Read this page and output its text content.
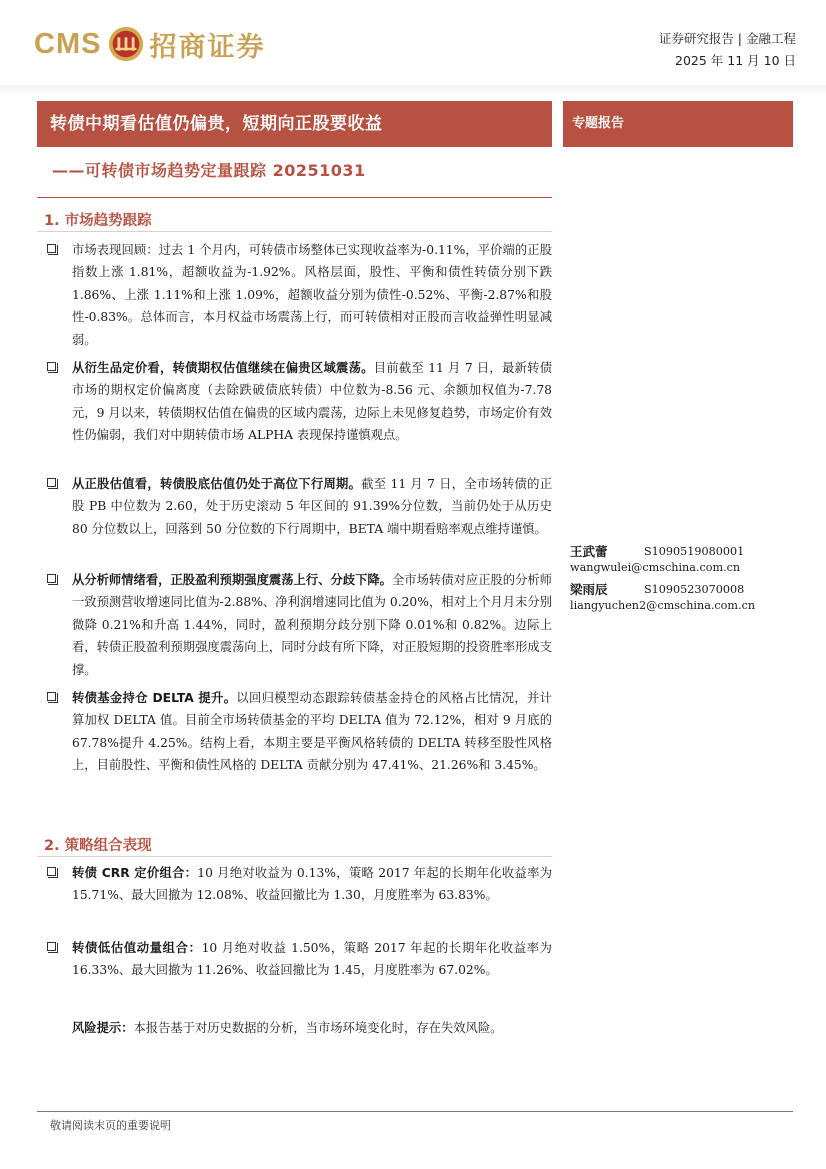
CMS 招商证券	证券研究报告 | 金融工程
2025 年 11 月 10 日
转债中期看估值仍偏贵，短期向正股要收益	专题报告
——可转债市场趋势定量跟踪 20251031
1. 市场趋势跟踪

市场表现回顾：过去 1 个月内，可转债市场整体已实现收益率为-0.11%，平价端的正股指数上涨 1.81%，超额收益为-1.92%。风格层面，股性、平衡和债性转债分别下跌 1.86%、上涨 1.11%和上涨 1.09%，超额收益分别为债性-0.52%、平衡-2.87%和股性-0.83%。总体而言，本月权益市场震荡上行，而可转债相对正股而言收益弹性明显减弱。

从衍生品定价看，转债期权估值继续在偏贵区域震荡。目前截至 11 月 7 日，最新转债市场的期权定价偏离度（去除跌破债底转债）中位数为-8.56 元、余额加权值为-7.78 元，9 月以来，转债期权估值在偏贵的区域内震荡，边际上未见修复趋势，市场定价有效性仍偏弱，我们对中期转债市场 ALPHA 表现保持谨慎观点。

从正股估值看，转债股底估值仍处于高位下行周期。截至 11 月 7 日，全市场转债的正股 PB 中位数为 2.60，处于历史滚动 5 年区间的 91.39%分位数，当前仍处于从历史 80 分位数以上，回落到 50 分位数的下行周期中，BETA 端中期看赔率观点维持谨慎。

从分析师情绪看，正股盈利预期强度震荡上行、分歧下降。全市场转债对应正股的分析师一致预测营收增速同比值为-2.88%、净利润增速同比值为 0.20%，相对上个月月末分别微降 0.21%和升高 1.44%，同时，盈利预期分歧分别下降 0.01%和 0.82%。边际上看，转债正股盈利预期强度震荡向上，同时分歧有所下降，对正股短期的投资胜率形成支撑。

转债基金持仓 DELTA 提升。以回归模型动态跟踪转债基金持仓的风格占比情况，并计算加权 DELTA 值。目前全市场转债基金的平均 DELTA 值为 72.12%，相对 9 月底的 67.78%提升 4.25%。结构上看，本期主要是平衡风格转债的 DELTA 转移至股性风格上，目前股性、平衡和债性风格的 DELTA 贡献分别为 47.41%、21.26%和 3.45%。

2. 策略组合表现

转债 CRR 定价组合：10 月绝对收益为 0.13%，策略 2017 年起的长期年化收益率为 15.71%、最大回撤为 12.08%、收益回撤比为 1.30，月度胜率为 63.83%。

转债低估值动量组合：10 月绝对收益 1.50%，策略 2017 年起的长期年化收益率为 16.33%、最大回撤为 11.26%、收益回撤比为 1.45，月度胜率为 67.02%。

风险提示：本报告基于对历史数据的分析，当市场环境变化时，存在失效风险。
王武蕾	S1090519080001
wangwulei@cmschina.com.cn
梁雨辰	S1090523070008
liangyuchen2@cmschina.com.cn
敬请阅读末页的重要说明
